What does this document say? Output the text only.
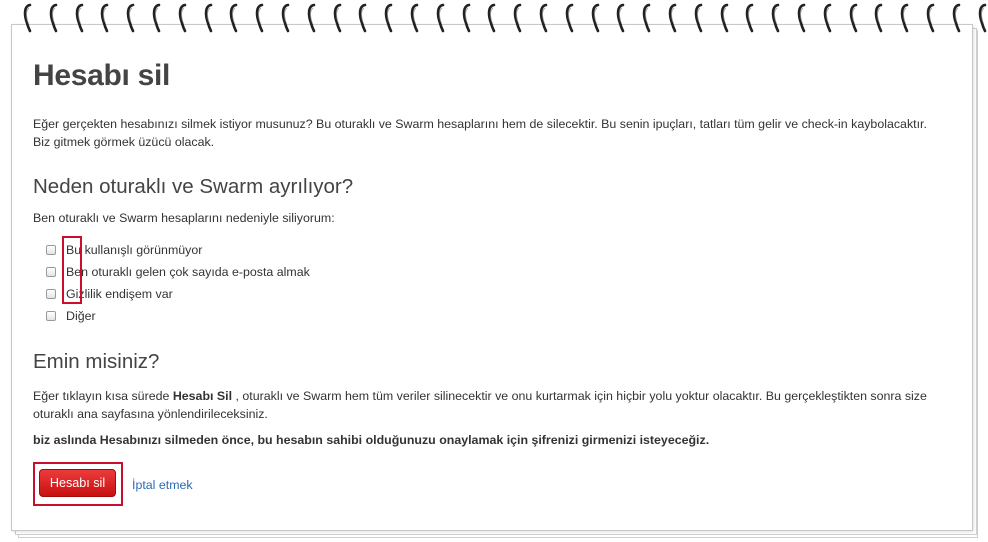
Hesabı sil

Eğer gerçekten hesabınızı silmek istiyor musunuz? Bu oturaklı ve Swarm hesaplarını hem de silecektir. Bu senin ipuçları, tatları tüm gelir ve check-in kaybolacaktır. Biz gitmek görmek üzücü olacak.

Neden oturaklı ve Swarm ayrılıyor?

Ben oturaklı ve Swarm hesaplarını nedeniyle siliyorum:

Bu kullanışlı görünmüyor
Ben oturaklı gelen çok sayıda e-posta almak
Gizlilik endişem var
Diğer
Emin misiniz?

Eğer tıklayın kısa sürede Hesabı Sil , oturaklı ve Swarm hem tüm veriler silinecektir ve onu kurtarmak için hiçbir yolu yoktur olacaktır. Bu gerçekleştikten sonra size oturaklı ana sayfasına yönlendirileceksiniz.

biz aslında Hesabınızı silmeden önce, bu hesabın sahibi olduğunuzu onaylamak için şifrenizi girmenizi isteyeceğiz.

Hesabı sil	İptal etmek
